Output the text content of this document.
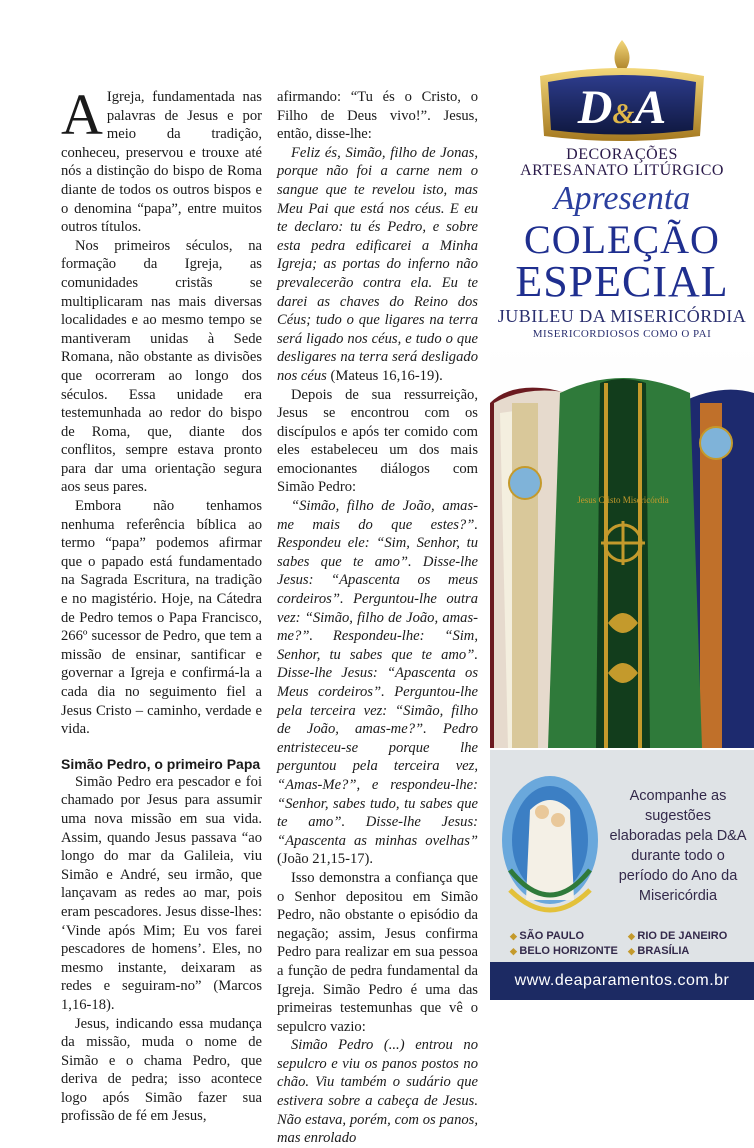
A Igreja, fundamentada nas palavras de Jesus e por meio da tradição, conheceu, preservou e trouxe até nós a distinção do bispo de Roma diante de todos os outros bispos e o denomina “papa”, entre muitos outros títulos.

Nos primeiros séculos, na formação da Igreja, as comunidades cristãs se multiplicaram nas mais diversas localidades e ao mesmo tempo se mantiveram unidas à Sede Romana, não obstante as divisões que ocorreram ao longo dos séculos. Essa unidade era testemunhada ao redor do bispo de Roma, que, diante dos conflitos, sempre estava pronto para dar uma orientação segura aos seus pares.

Embora não tenhamos nenhuma referência bíblica ao termo “papa” podemos afirmar que o papado está fundamentado na Sagrada Escritura, na tradição e no magistério. Hoje, na Cátedra de Pedro temos o Papa Francisco, 266º sucessor de Pedro, que tem a missão de ensinar, santificar e governar a Igreja e confirmá-la a cada dia no seguimento fiel a Jesus Cristo – caminho, verdade e vida.

Simão Pedro, o primeiro Papa

Simão Pedro era pescador e foi chamado por Jesus para assumir uma nova missão em sua vida. Assim, quando Jesus passava “ao longo do mar da Galileia, viu Simão e André, seu irmão, que lançavam as redes ao mar, pois eram pescadores. Jesus disse-lhes: ‘Vinde após Mim; Eu vos farei pescadores de homens’. Eles, no mesmo instante, deixaram as redes e seguiram-no” (Marcos 1,16-18).

Jesus, indicando essa mudança da missão, muda o nome de Simão e o chama Pedro, que deriva de pedra; isso acontece logo após Simão fazer sua profissão de fé em Jesus,

afirmando: “Tu és o Cristo, o Filho de Deus vivo!”. Jesus, então, disse-lhe:

Feliz és, Simão, filho de Jonas, porque não foi a carne nem o sangue que te revelou isto, mas Meu Pai que está nos céus. E eu te declaro: tu és Pedro, e sobre esta pedra edificarei a Minha Igreja; as portas do inferno não prevalecerão contra ela. Eu te darei as chaves do Reino dos Céus; tudo o que ligares na terra será ligado nos céus, e tudo o que desligares na terra será desligado nos céus (Mateus 16,16-19).

Depois de sua ressurreição, Jesus se encontrou com os discípulos e após ter comido com eles estabeleceu um dos mais emocionantes diálogos com Simão Pedro:

“Simão, filho de João, amas-me mais do que estes?”. Respondeu ele: “Sim, Senhor, tu sabes que te amo”. Disse-lhe Jesus: “Apascenta os meus cordeiros”. Perguntou-lhe outra vez: “Simão, filho de João, amas-me?”. Respondeu-lhe: “Sim, Senhor, tu sabes que te amo”. Disse-lhe Jesus: “Apascenta os Meus cordeiros”. Perguntou-lhe pela terceira vez: “Simão, filho de João, amas-me?”. Pedro entristeceu-se porque lhe perguntou pela terceira vez, “Amas-Me?”, e respondeu-lhe: “Senhor, sabes tudo, tu sabes que te amo”. Disse-lhe Jesus: “Apascenta as minhas ovelhas” (João 21,15-17).

Isso demonstra a confiança que o Senhor depositou em Simão Pedro, não obstante o episódio da negação; assim, Jesus confirma Pedro para realizar em sua pessoa a função de pedra fundamental da Igreja. Simão Pedro é uma das primeiras testemunhas que vê o sepulcro vazio:

Simão Pedro (...) entrou no sepulcro e viu os panos postos no chão. Viu também o sudário que estivera sobre a cabeça de Jesus. Não estava, porém, com os panos, mas enrolado

D&A
DECORAÇÕES
ARTESANATO LITÚRGICO
Apresenta
COLEÇÃO
ESPECIAL
JUBILEU DA MISERICÓRDIA
MISERICORDIOSOS COMO O PAI
Jesus Cristo Misericórdia
Acompanhe as sugestões elaboradas pela D&A durante todo o período do Ano da Misericórdia
◆ SÃO PAULO	◆ RIO DE JANEIRO
◆ BELO HORIZONTE	◆ BRASÍLIA
www.deaparamentos.com.br
